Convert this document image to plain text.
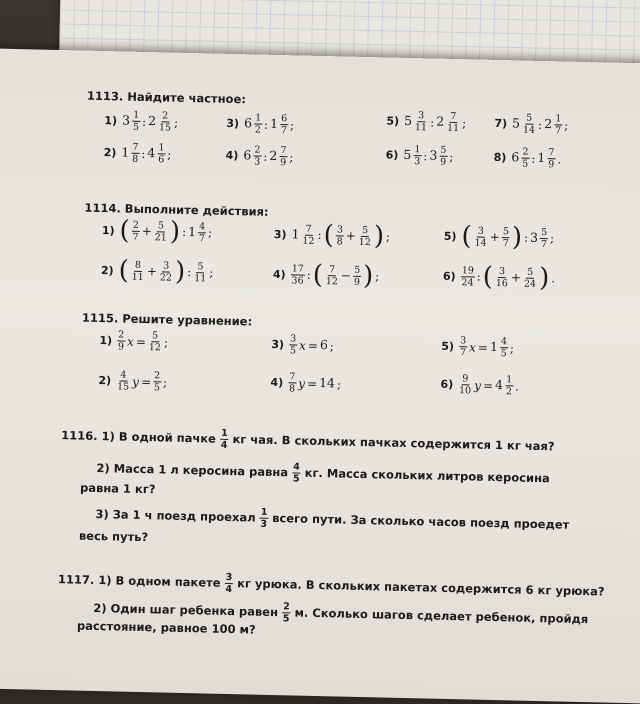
1113. Найдите частное:
1) $3 \frac{1}{5}$ : $2 \frac{2}{15}$ ;
2) $1 \frac{7}{8}$ : $4 \frac{1}{6}$ ;
3) $6 \frac{1}{2}$ : $1 \frac{6}{7}$ ;
4) $6 \frac{2}{3}$ : $2 \frac{7}{9}$ ;
5) $5 \frac{3}{11}$ : $2 \frac{7}{11}$ ;
6) $5 \frac{1}{3}$ : $3 \frac{5}{9}$ ;
7) $5 \frac{5}{14}$ : $2 \frac{1}{7}$ ;
8) $6 \frac{2}{5}$ : $1 \frac{7}{9}$ .
1114. Выполните действия:
1) ( $\frac{2}{7} + \frac{5}{21}$ ) : $1 \frac{4}{7}$ ;
2) ( $\frac{8}{11} + \frac{3}{22}$ ) : $\frac{5}{11}$ ;
3) $1 \frac{7}{12}$ : ( $\frac{3}{8} + \frac{5}{12}$ ) ;
$4) \frac{17}{36}$ : ( $\frac{7}{12} - \frac{5}{9}$ ) ;
5) ( $\frac{3}{14} + \frac{5}{7}$ ) : $3 \frac{5}{7}$ ;
$6) \frac{19}{24}$ : ( $\frac{3}{16} + \frac{5}{24}$ ) .
1115. Решите уравнение:
$1) \frac{2}{9}$ $x = \frac{5}{12}$ ;
$2) \frac{4}{15}$ $y = \frac{2}{5}$ ;
$3) \frac{3}{5}$ x = 6 ;
$4) \frac{7}{8}$ y = 14 ;
$5) \frac{3}{7}$ $x = 1 \frac{4}{5}$ ;
$6) \frac{9}{10}$ $y = 4 \frac{1}{2}$ .
1116. 1) В одной пачке $\frac{1}{4}$ кг чая. В скольких пачках содержится 1 кг чая?
2) Масса 1 л керосина равна $\frac{4}{5}$ кг. Масса скольких литров керосина
равна 1 кг?
3) За 1 ч поезд проехал $\frac{1}{3}$ всего пути. За сколько часов поезд проедет
весь путь?
1117. 1) В одном пакете $\frac{3}{4}$ кг урюка. В скольких пакетах содержится 6 кг урюка?
2) Один шаг ребенка равен $\frac{2}{5} м$. Сколько шагов сделает ребенок, пройдя
расстояние, равное 100 м?
